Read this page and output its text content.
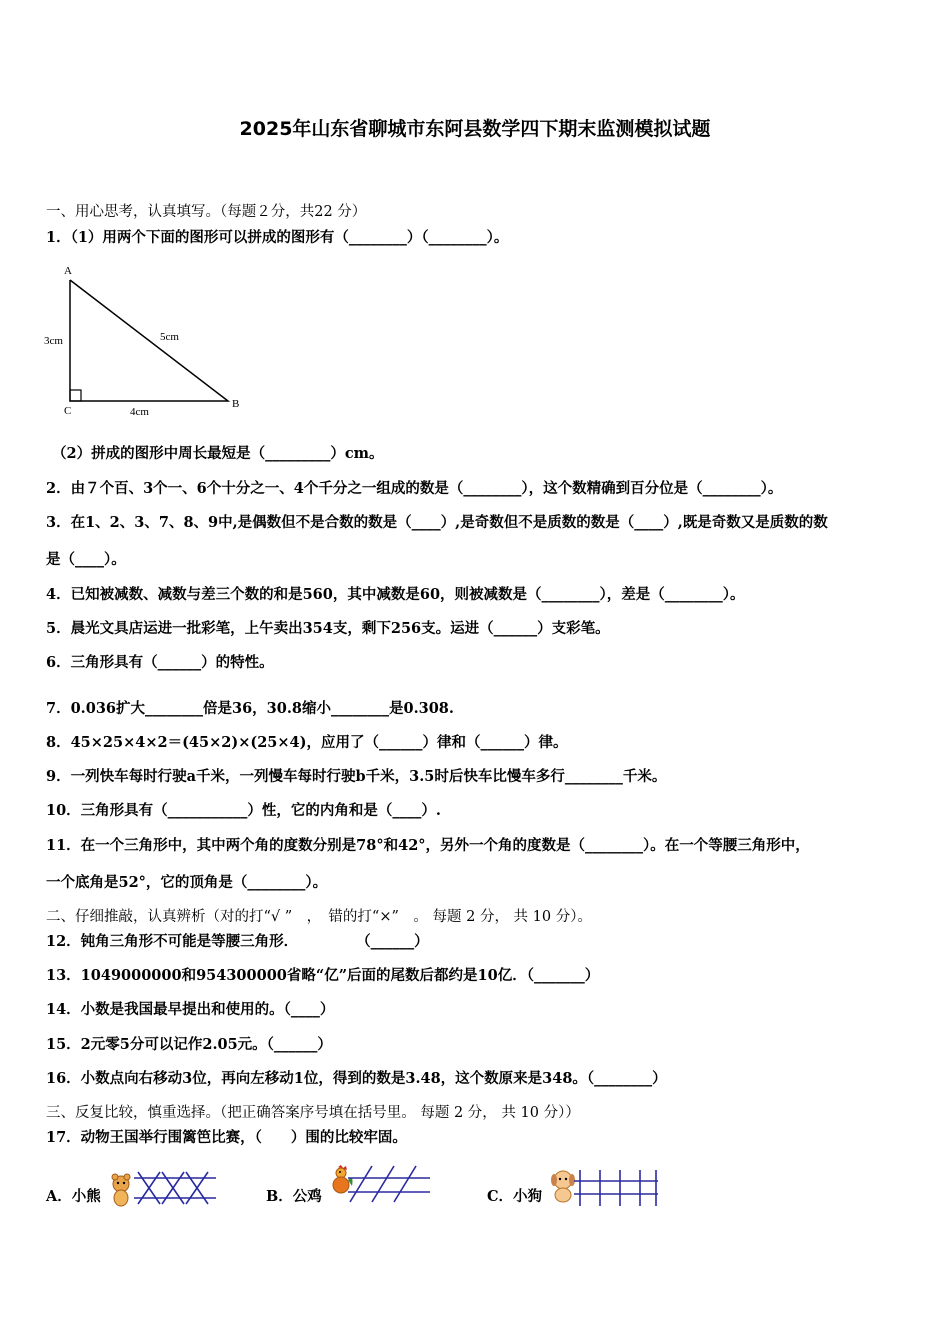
2025年山东省聊城市东阿县数学四下期末监测模拟试题
一、用心思考，认真填写。（每题２分，共22 分）
1．（1）用两个下面的图形可以拼成的图形有（________）（________）。
A
B
C
3cm	5cm
4cm
（2）拼成的图形中周长最短是（_________）cm。
2．由７个百、3个一、6个十分之一、4个千分之一组成的数是（________），这个数精确到百分位是（________）。
3．在1、2、3、7、8、9中,是偶数但不是合数的数是（____）,是奇数但不是质数的数是（____）,既是奇数又是质数的数
是（____）。
4．已知被减数、减数与差三个数的和是560，其中减数是60，则被减数是（________），差是（________）。
5．晨光文具店运进一批彩笔，上午卖出354支，剩下256支。运进（______）支彩笔。
6．三角形具有（______）的特性。
7．0.036扩大________倍是36，30.8缩小________是0.308.
8．45×25×4×2＝(45×2)×(25×4)，应用了（______）律和（______）律。
9．一列快车每时行驶a千米，一列慢车每时行驶b千米，3.5时后快车比慢车多行________千米。
10．三角形具有（___________）性，它的内角和是（____）.
11．在一个三角形中，其中两个角的度数分别是78°和42°，另外一个角的度数是（________）。在一个等腰三角形中，
一个底角是52°，它的顶角是（________）。
二、仔细推敲，认真辨析（对的打“√ ”　，　错的打“×”　。 每题 2 分， 共 10 分）。
12．钝角三角形不可能是等腰三角形．　　　　　（______）
13．1049000000和954300000省略“亿”后面的尾数后都约是10亿．（_______）
14．小数是我国最早提出和使用的。（____）
15．2元零5分可以记作2.05元。（______）
16．小数点向右移动3位，再向左移动1位，得到的数是3.48，这个数原来是348。（________）
三、反复比较，慎重选择。（把正确答案序号填在括号里。 每题 2 分， 共 10 分））
17．动物王国举行围篱笆比赛，（　　）围的比较牢固。
A．小熊	B．公鸡	C．小狗
